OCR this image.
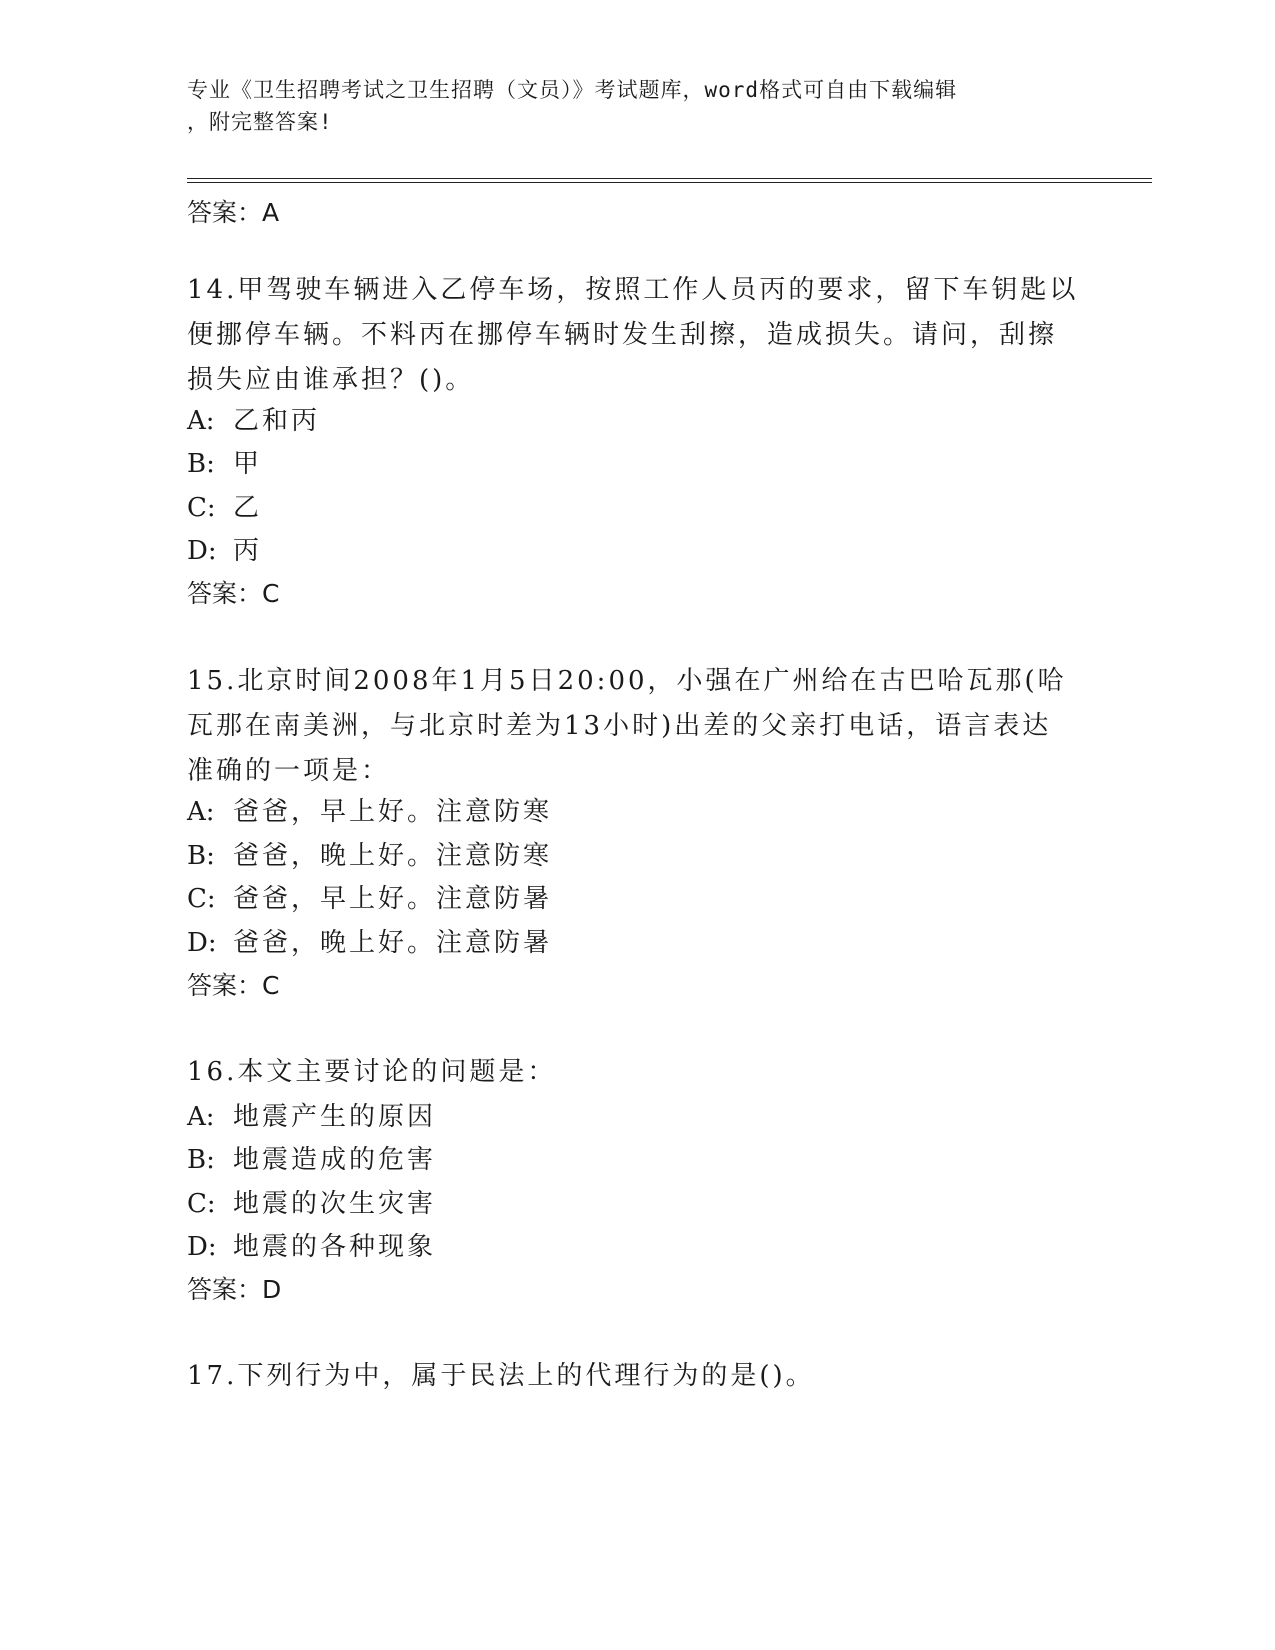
专业《卫生招聘考试之卫生招聘（文员）》考试题库，word格式可自由下载编辑
，附完整答案!
答案：A
14.甲驾驶车辆进入乙停车场，按照工作人员丙的要求，留下车钥匙以
便挪停车辆。不料丙在挪停车辆时发生刮擦，造成损失。请问，刮擦
损失应由谁承担？()。
A: 乙和丙
B: 甲
C: 乙
D: 丙
答案：C
15.北京时间2008年1月5日20:00，小强在广州给在古巴哈瓦那(哈
瓦那在南美洲，与北京时差为13小时)出差的父亲打电话，语言表达
准确的一项是：
A: 爸爸，早上好。注意防寒
B: 爸爸，晚上好。注意防寒
C: 爸爸，早上好。注意防暑
D: 爸爸，晚上好。注意防暑
答案：C
16.本文主要讨论的问题是：
A: 地震产生的原因
B: 地震造成的危害
C: 地震的次生灾害
D: 地震的各种现象
答案：D
17.下列行为中，属于民法上的代理行为的是()。
